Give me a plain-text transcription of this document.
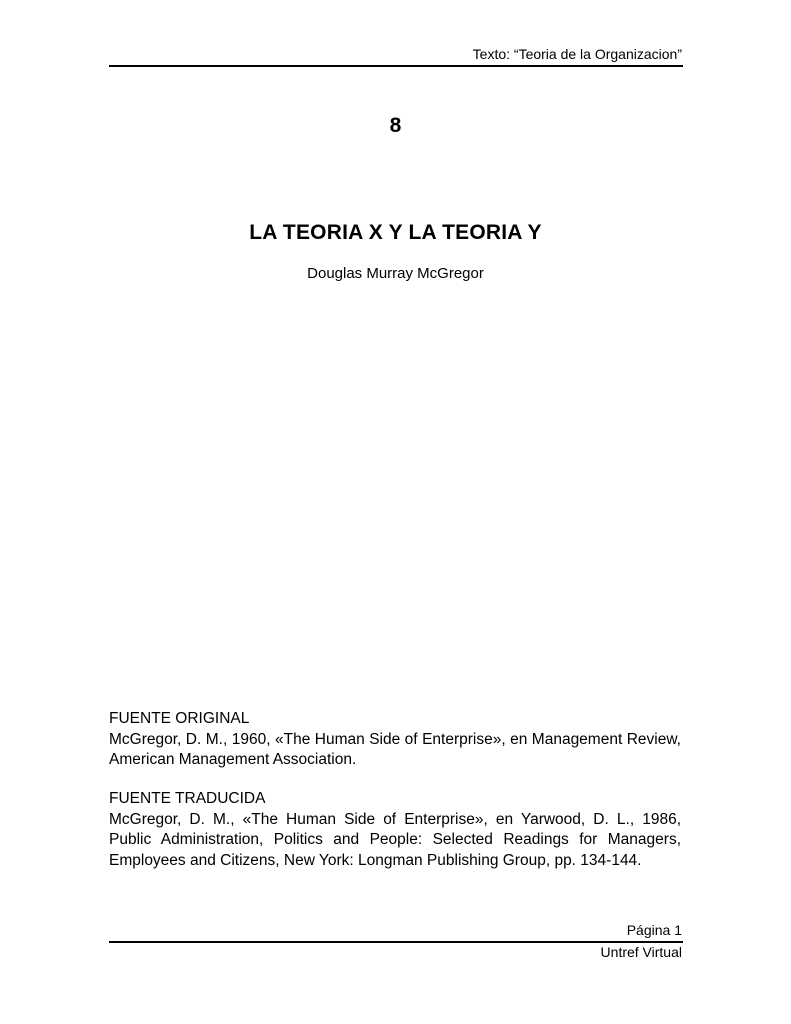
Texto: “Teoria de la Organizacion”
8
LA TEORIA X Y LA TEORIA Y
Douglas Murray McGregor
FUENTE ORIGINAL
McGregor, D. M., 1960, «The Human Side of Enterprise», en Management Review, American Management Association.
FUENTE TRADUCIDA
McGregor, D. M., «The Human Side of Enterprise», en Yarwood, D. L., 1986, Public Administration, Politics and People: Selected Readings for Managers, Employees and Citizens, New York: Longman Publishing Group, pp. 134-144.
Página 1
Untref Virtual
